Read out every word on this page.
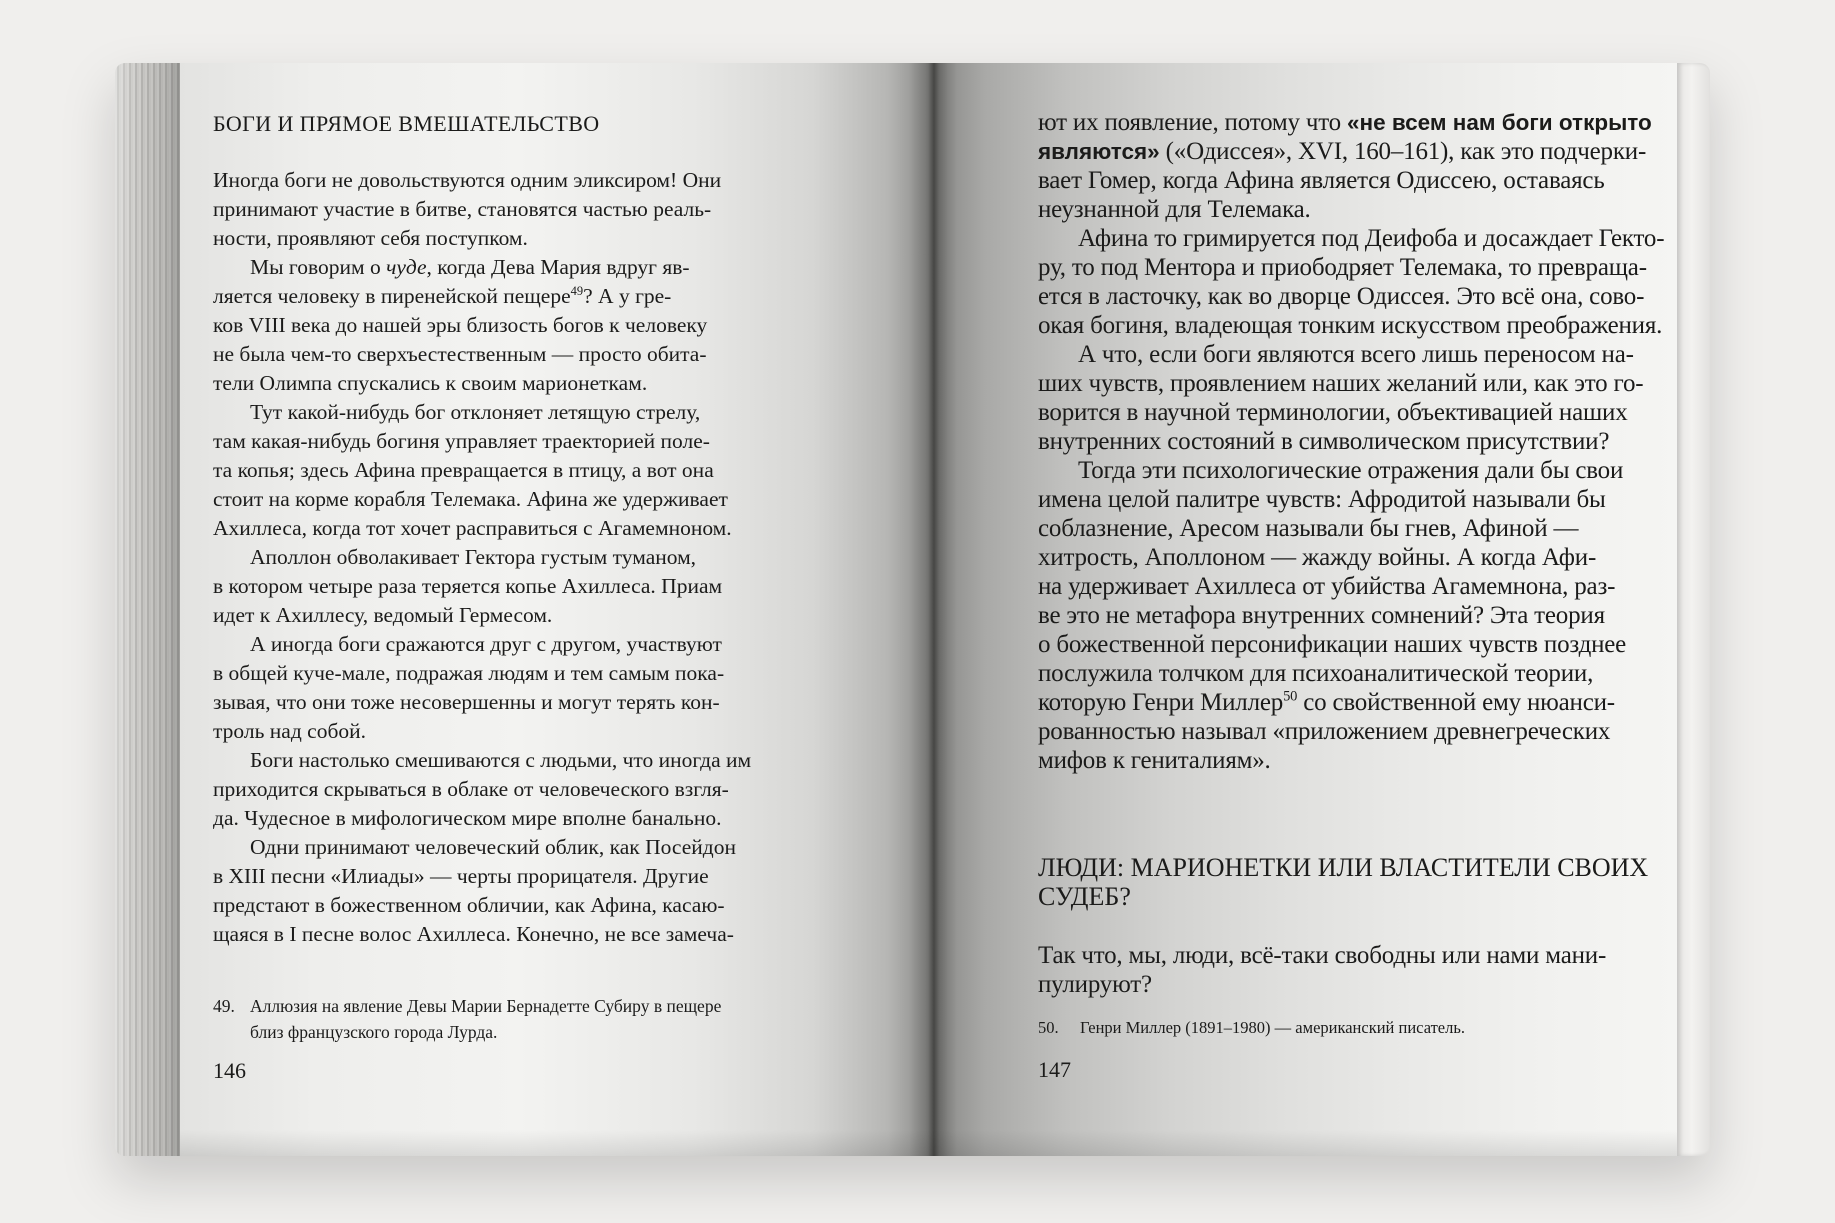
БОГИ И ПРЯМОЕ ВМЕШАТЕЛЬСТВО

Иногда боги не довольствуются одним эликсиром! Они
принимают участие в битве, становятся частью реаль-
ности, проявляют себя поступком.

Мы говорим о чуде, когда Дева Мария вдруг яв-
ляется человеку в пиренейской пещере$^{49}$? А у гре-
ков VIII века до нашей эры близость богов к человеку
не была чем-то сверхъестественным — просто обита-
тели Олимпа спускались к своим марионеткам.

Тут какой-нибудь бог отклоняет летящую стрелу,
там какая-нибудь богиня управляет траекторией поле-
та копья; здесь Афина превращается в птицу, а вот она
стоит на корме корабля Телемака. Афина же удерживает
Ахиллеса, когда тот хочет расправиться с Агамемноном.

Аполлон обволакивает Гектора густым туманом,
в котором четыре раза теряется копье Ахиллеса. Приам
идет к Ахиллесу, ведомый Гермесом.

А иногда боги сражаются друг с другом, участвуют
в общей куче-мале, подражая людям и тем самым пока-
зывая, что они тоже несовершенны и могут терять кон-
троль над собой.

Боги настолько смешиваются с людьми, что иногда им
приходится скрываться в облаке от человеческого взгля-
да. Чудесное в мифологическом мире вполне банально.

Одни принимают человеческий облик, как Посейдон
в XIII песни «Илиады» — черты прорицателя. Другие
предстают в божественном обличии, как Афина, касаю-
щаяся в I песне волос Ахиллеса. Конечно, не все замеча-

49. Аллюзия на явление Девы Марии Бернадетте Субиру в пещере
близ французского города Лурда.
146

ют их появление, потому что «не всем нам боги открыто
являются» («Одиссея», XVI, 160–161), как это подчерки-
вает Гомер, когда Афина является Одиссею, оставаясь
неузнанной для Телемака.

Афина то гримируется под Деифоба и досаждает Гекто-
ру, то под Ментора и приободряет Телемака, то превраща-
ется в ласточку, как во дворце Одиссея. Это всё она, сово-
окая богиня, владеющая тонким искусством преображения.

А что, если боги являются всего лишь переносом на-
ших чувств, проявлением наших желаний или, как это го-
ворится в научной терминологии, объективацией наших
внутренних состояний в символическом присутствии?

Тогда эти психологические отражения дали бы свои
имена целой палитре чувств: Афродитой называли бы
соблазнение, Аресом называли бы гнев, Афиной —
хитрость, Аполлоном — жажду войны. А когда Афи-
на удерживает Ахиллеса от убийства Агамемнона, раз-
ве это не метафора внутренних сомнений? Эта теория
о божественной персонификации наших чувств позднее
послужила толчком для психоаналитической теории,
которую Генри Миллер$^{50}$ со свойственной ему нюанси-
рованностью называл «приложением древнегреческих
мифов к гениталиям».

ЛЮДИ: МАРИОНЕТКИ ИЛИ ВЛАСТИТЕЛИ СВОИХ
СУДЕБ?

Так что, мы, люди, всё-таки свободны или нами мани-
пулируют?

50.	Генри Миллер (1891–1980) — американский писатель.
147
